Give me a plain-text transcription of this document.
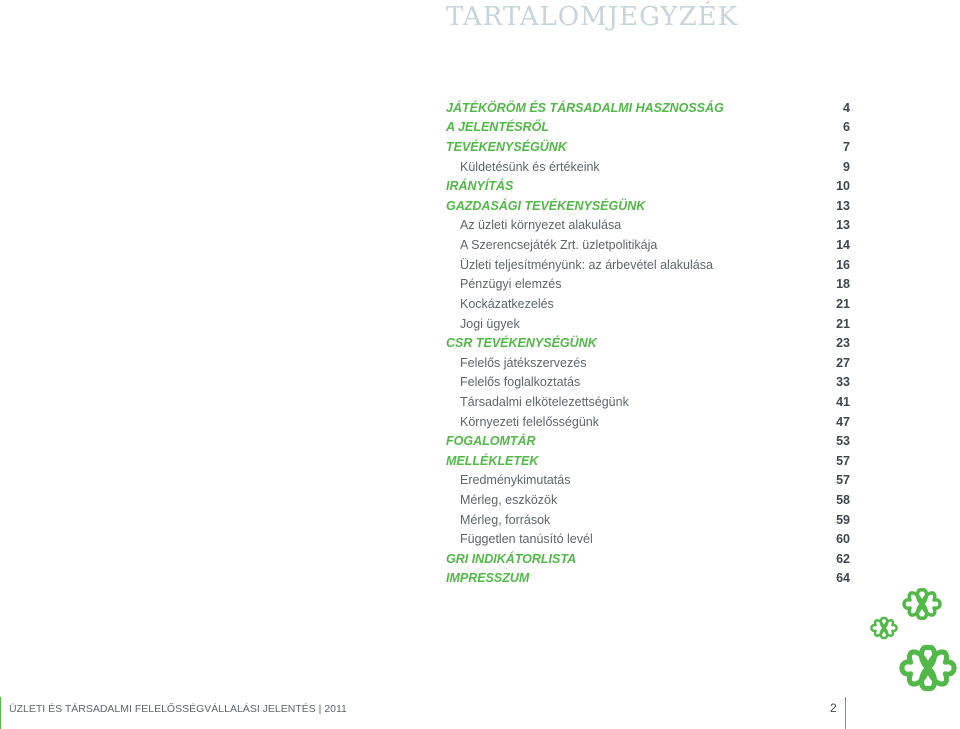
TARTALOMJEGYZÉK
JÁTÉKÖRÖM ÉS TÁRSADALMI HASZNOSSÁG	4
A JELENTÉSRŐL	6
TEVÉKENYSÉGÜNK	7
Küldetésünk és értékeink	9
IRÁNYÍTÁS	10
GAZDASÁGI TEVÉKENYSÉGÜNK	13
Az üzleti környezet alakulása	13
A Szerencsejáték Zrt. üzletpolitikája	14
Üzleti teljesítményünk: az árbevétel alakulása	16
Pénzügyi elemzés	18
Kockázatkezelés	21
Jogi ügyek	21
CSR TEVÉKENYSÉGÜNK	23
Felelős játékszervezés	27
Felelős foglalkoztatás	33
Társadalmi elkötelezettségünk	41
Környezeti felelősségünk	47
FOGALOMTÁR	53
MELLÉKLETEK	57
Eredménykimutatás	57
Mérleg, eszközök	58
Mérleg, források	59
Független tanúsító levél	60
GRI INDIKÁTORLISTA	62
IMPRESSZUM	64
ÜZLETI ÉS TÁRSADALMI FELELŐSSÉGVÁLLALÁSI JELENTÉS | 2011	2
